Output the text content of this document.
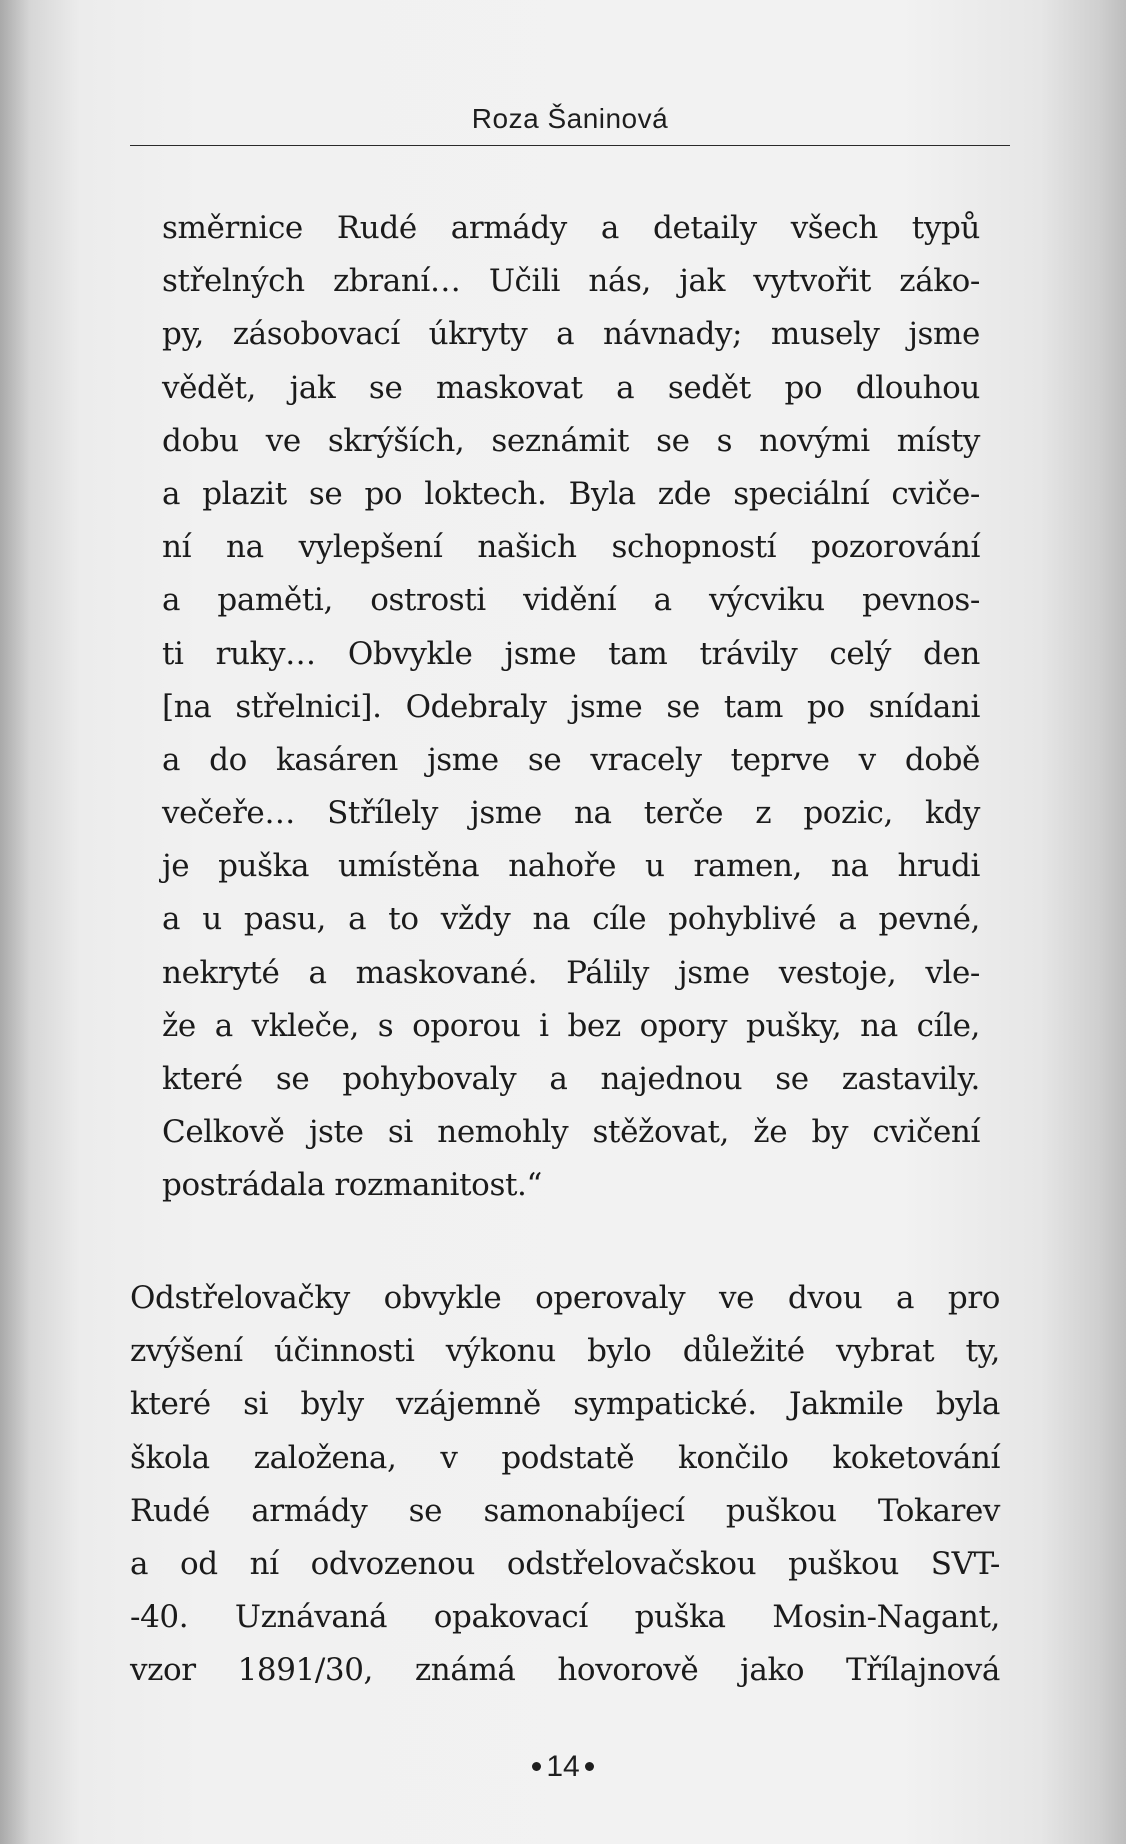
Roza Šaninová
směrnice Rudé armády a detaily všech typů
střelných zbraní… Učili nás, jak vytvořit záko-
py, zásobovací úkryty a návnady; musely jsme
vědět, jak se maskovat a sedět po dlouhou
dobu ve skrýších, seznámit se s novými místy
a plazit se po loktech. Byla zde speciální cviče-
ní na vylepšení našich schopností pozorování
a paměti, ostrosti vidění a výcviku pevnos-
ti ruky… Obvykle jsme tam trávily celý den
[na střelnici]. Odebraly jsme se tam po snídani
a do kasáren jsme se vracely teprve v době
večeře… Střílely jsme na terče z pozic, kdy
je puška umístěna nahoře u ramen, na hrudi
a u pasu, a to vždy na cíle pohyblivé a pevné,
nekryté a maskované. Pálily jsme vestoje, vle-
že a vkleče, s oporou i bez opory pušky, na cíle,
které se pohybovaly a najednou se zastavily.
Celkově jste si nemohly stěžovat, že by cvičení
postrádala rozmanitost.“
Odstřelovačky obvykle operovaly ve dvou a pro
zvýšení účinnosti výkonu bylo důležité vybrat ty,
které si byly vzájemně sympatické. Jakmile byla
škola založena, v podstatě končilo koketování
Rudé armády se samonabíjecí puškou Tokarev
a od ní odvozenou odstřelovačskou puškou SVT-
-40. Uznávaná opakovací puška Mosin-Nagant,
vzor 1891/30, známá hovorově jako Třílajnová
14
